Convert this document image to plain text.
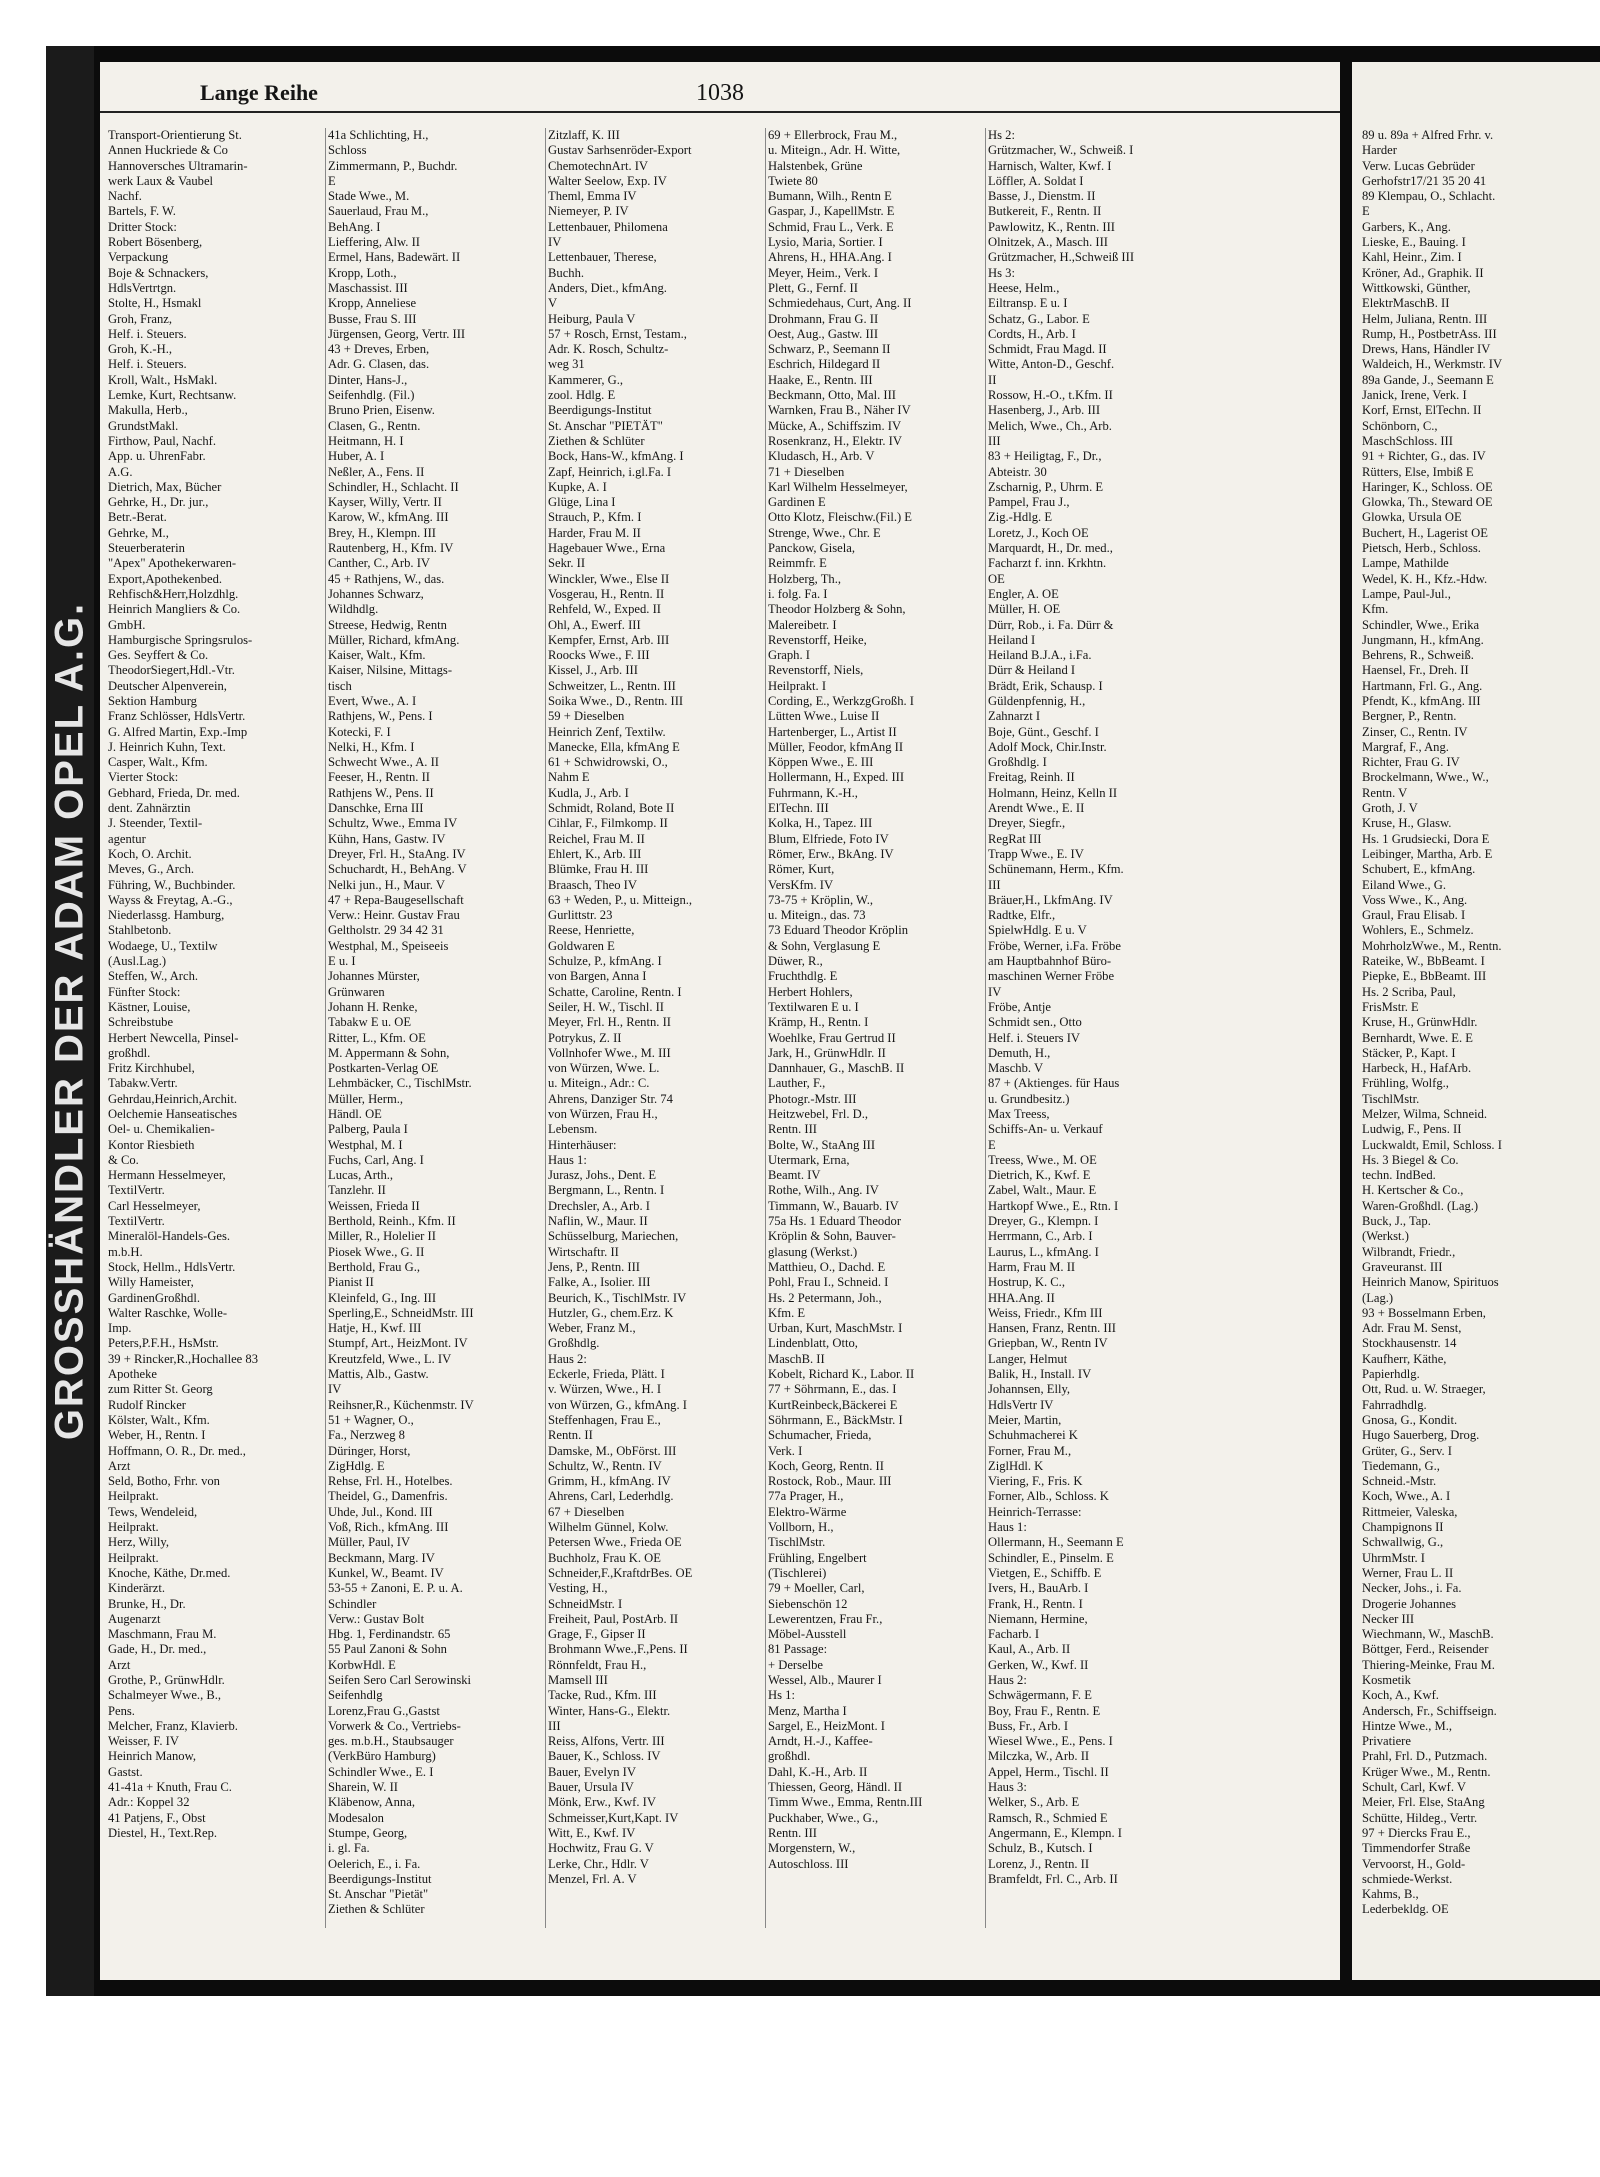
GROSSHÄNDLER DER ADAM OPEL A.G.
Lange Reihe	1038
Transport-Orientierung St.
Annen Huckriede & Co
Hannoversches Ultramarin-
werk Laux & Vaubel
Nachf.
Bartels, F. W.
Dritter Stock:
Robert Bösenberg,
Verpackung
Boje & Schnackers,
HdlsVertrtgn.
Stolte, H., Hsmakl
Groh, Franz,
Helf. i. Steuers.
Groh, K.-H.,
Helf. i. Steuers.
Kroll, Walt., HsMakl.
Lemke, Kurt, Rechtsanw.
Makulla, Herb.,
GrundstMakl.
Firthow, Paul, Nachf.
App. u. UhrenFabr.
A.G.
Dietrich, Max, Bücher
Gehrke, H., Dr. jur.,
Betr.-Berat.
Gehrke, M.,
Steuerberaterin
"Apex" Apothekerwaren-
Export,Apothekenbed.
Rehfisch&Herr,Holzdhlg.
Heinrich Mangliers & Co.
GmbH.
Hamburgische Springsrulos-
Ges. Seyffert & Co.
TheodorSiegert,Hdl.-Vtr.
Deutscher Alpenverein,
Sektion Hamburg
Franz Schlösser, HdlsVertr.
G. Alfred Martin, Exp.-Imp
J. Heinrich Kuhn, Text.
Casper, Walt., Kfm.
Vierter Stock:
Gebhard, Frieda, Dr. med.
dent. Zahnärztin
J. Steender, Textil-
agentur
Koch, O. Archit.
Meves, G., Arch.
Führing, W., Buchbinder.
Wayss & Freytag, A.-G.,
Niederlassg. Hamburg,
Stahlbetonb.
Wodaege, U., Textilw
(Ausl.Lag.)
Steffen, W., Arch.
Fünfter Stock:
Kästner, Louise,
Schreibstube
Herbert Newcella, Pinsel-
großhdl.
Fritz Kirchhubel,
Tabakw.Vertr.
Gehrdau,Heinrich,Archit.
Oelchemie Hanseatisches
Oel- u. Chemikalien-
Kontor Riesbieth
& Co.
Hermann Hesselmeyer,
TextilVertr.
Carl Hesselmeyer,
TextilVertr.
Mineralöl-Handels-Ges.
m.b.H.
Stock, Hellm., HdlsVertr.
Willy Hameister,
GardinenGroßhdl.
Walter Raschke, Wolle-
Imp.
Peters,P.F.H., HsMstr.
39 + Rincker,R.,Hochallee 83
Apotheke
zum Ritter St. Georg
Rudolf Rincker
Kölster, Walt., Kfm.
Weber, H., Rentn. I
Hoffmann, O. R., Dr. med.,
Arzt
Seld, Botho, Frhr. von
Heilprakt.
Tews, Wendeleid,
Heilprakt.
Herz, Willy,
Heilprakt.
Knoche, Käthe, Dr.med.
Kinderärzt.
Brunke, H., Dr.
Augenarzt
Maschmann, Frau M.
Gade, H., Dr. med.,
Arzt
Grothe, P., GrünwHdlr.
Schalmeyer Wwe., B.,
Pens.
Melcher, Franz, Klavierb.
Weisser, F. IV
Heinrich Manow,
Gastst.
41-41a + Knuth, Frau C.
Adr.: Koppel 32
41 Patjens, F., Obst
Diestel, H., Text.Rep.
41a Schlichting, H.,
Schloss
Zimmermann, P., Buchdr.
E
Stade Wwe., M.
Sauerlaud, Frau M.,
BehAng. I
Lieffering, Alw. II
Ermel, Hans, Badewärt. II
Kropp, Loth.,
Maschassist. III
Kropp, Anneliese
Busse, Frau S. III
Jürgensen, Georg, Vertr. III
43 + Dreves, Erben,
Adr. G. Clasen, das.
Dinter, Hans-J.,
Seifenhdlg. (Fil.)
Bruno Prien, Eisenw.
Clasen, G., Rentn.
Heitmann, H. I
Huber, A. I
Neßler, A., Fens. II
Schindler, H., Schlacht. II
Kayser, Willy, Vertr. II
Karow, W., kfmAng. III
Brey, H., Klempn. III
Rautenberg, H., Kfm. IV
Canther, C., Arb. IV
45 + Rathjens, W., das.
Johannes Schwarz,
Wildhdlg.
Streese, Hedwig, Rentn
Müller, Richard, kfmAng.
Kaiser, Walt., Kfm.
Kaiser, Nilsine, Mittags-
tisch
Evert, Wwe., A. I
Rathjens, W., Pens. I
Kotecki, F. I
Nelki, H., Kfm. I
Schwecht Wwe., A. II
Feeser, H., Rentn. II
Rathjens W., Pens. II
Danschke, Erna III
Schultz, Wwe., Emma IV
Kühn, Hans, Gastw. IV
Dreyer, Frl. H., StaAng. IV
Schuchardt, H., BehAng. V
Nelki jun., H., Maur. V
47 + Repa-Baugesellschaft
Verw.: Heinr. Gustav Frau
Geltholstr. 29 34 42 31
Westphal, M., Speiseeis
E u. I
Johannes Mürster,
Grünwaren
Johann H. Renke,
Tabakw E u. OE
Ritter, L., Kfm. OE
M. Appermann & Sohn,
Postkarten-Verlag OE
Lehmbäcker, C., TischlMstr.
Müller, Herm.,
Händl. OE
Palberg, Paula I
Westphal, M. I
Fuchs, Carl, Ang. I
Lucas, Arth.,
Tanzlehr. II
Weissen, Frieda II
Berthold, Reinh., Kfm. II
Miller, R., Holelier II
Piosek Wwe., G. II
Berthold, Frau G.,
Pianist II
Kleinfeld, G., Ing. III
Sperling,E., SchneidMstr. III
Hatje, H., Kwf. III
Stumpf, Art., HeizMont. IV
Kreutzfeld, Wwe., L. IV
Mattis, Alb., Gastw.
IV
Reihsner,R., Küchenmstr. IV
51 + Wagner, O.,
Fa., Nerzweg 8
Düringer, Horst,
ZigHdlg. E
Rehse, Frl. H., Hotelbes.
Theidel, G., Damenfris.
Uhde, Jul., Kond. III
Voß, Rich., kfmAng. III
Müller, Paul, IV
Beckmann, Marg. IV
Kunkel, W., Beamt. IV
53-55 + Zanoni, E. P. u. A.
Schindler
Verw.: Gustav Bolt
Hbg. 1, Ferdinandstr. 65
55 Paul Zanoni & Sohn
KorbwHdl. E
Seifen Sero Carl Serowinski
Seifenhdlg
Lorenz,Frau G.,Gastst
Vorwerk & Co., Vertriebs-
ges. m.b.H., Staubsauger
(VerkBüro Hamburg)
Schindler Wwe., E. I
Sharein, W. II
Kläbenow, Anna,
Modesalon
Stumpe, Georg,
i. gl. Fa.
Oelerich, E., i. Fa.
Beerdigungs-Institut
St. Anschar "Pietät"
Ziethen & Schlüter
Zitzlaff, K. III
Gustav Sarhsenröder-Export
ChemotechnArt. IV
Walter Seelow, Exp. IV
Theml, Emma IV
Niemeyer, P. IV
Lettenbauer, Philomena
IV
Lettenbauer, Therese,
Buchh.
Anders, Diet., kfmAng.
V
Heiburg, Paula V
57 + Rosch, Ernst, Testam.,
Adr. K. Rosch, Schultz-
weg 31
Kammerer, G.,
zool. Hdlg. E
Beerdigungs-Institut
St. Anschar "PIETÄT"
Ziethen & Schlüter
Bock, Hans-W., kfmAng. I
Zapf, Heinrich, i.gl.Fa. I
Kupke, A. I
Glüge, Lina I
Strauch, P., Kfm. I
Harder, Frau M. II
Hagebauer Wwe., Erna
Sekr. II
Winckler, Wwe., Else II
Vosgerau, H., Rentn. II
Rehfeld, W., Exped. II
Ohl, A., Ewerf. III
Kempfer, Ernst, Arb. III
Roocks Wwe., F. III
Kissel, J., Arb. III
Schweitzer, L., Rentn. III
Soika Wwe., D., Rentn. III
59 + Dieselben
Heinrich Zenf, Textilw.
Manecke, Ella, kfmAng E
61 + Schwidrowski, O.,
Nahm E
Kudla, J., Arb. I
Schmidt, Roland, Bote II
Cihlar, F., Filmkomp. II
Reichel, Frau M. II
Ehlert, K., Arb. III
Blümke, Frau H. III
Braasch, Theo IV
63 + Weden, P., u. Mitteign.,
Gurlittstr. 23
Reese, Henriette,
Goldwaren E
Schulze, P., kfmAng. I
von Bargen, Anna I
Schatte, Caroline, Rentn. I
Seiler, H. W., Tischl. II
Meyer, Frl. H., Rentn. II
Potrykus, Z. II
Vollnhofer Wwe., M. III
von Würzen, Wwe. L.
u. Miteign., Adr.: C.
Ahrens, Danziger Str. 74
von Würzen, Frau H.,
Lebensm.
Hinterhäuser:
Haus 1:
Jurasz, Johs., Dent. E
Bergmann, L., Rentn. I
Drechsler, A., Arb. I
Naflin, W., Maur. II
Schüsselburg, Mariechen,
Wirtschaftr. II
Jens, P., Rentn. III
Falke, A., Isolier. III
Beurich, K., TischlMstr. IV
Hutzler, G., chem.Erz. K
Weber, Franz M.,
Großhdlg.
Haus 2:
Eckerle, Frieda, Plätt. I
v. Würzen, Wwe., H. I
von Würzen, G., kfmAng. I
Steffenhagen, Frau E.,
Rentn. II
Damske, M., ObFörst. III
Schultz, W., Rentn. IV
Grimm, H., kfmAng. IV
Ahrens, Carl, Lederhdlg.
67 + Dieselben
Wilhelm Günnel, Kolw.
Petersen Wwe., Frieda OE
Buchholz, Frau K. OE
Schneider,F.,KraftdrBes. OE
Vesting, H.,
SchneidMstr. I
Freiheit, Paul, PostArb. II
Grage, F., Gipser II
Brohmann Wwe.,F.,Pens. II
Rönnfeldt, Frau H.,
Mamsell III
Tacke, Rud., Kfm. III
Winter, Hans-G., Elektr.
III
Reiss, Alfons, Vertr. III
Bauer, K., Schloss. IV
Bauer, Evelyn IV
Bauer, Ursula IV
Mönk, Erw., Kwf. IV
Schmeisser,Kurt,Kapt. IV
Witt, E., Kwf. IV
Hochwitz, Frau G. V
Lerke, Chr., Hdlr. V
Menzel, Frl. A. V
69 + Ellerbrock, Frau M.,
u. Miteign., Adr. H. Witte,
Halstenbek, Grüne
Twiete 80
Bumann, Wilh., Rentn E
Gaspar, J., KapellMstr. E
Schmid, Frau L., Verk. E
Lysio, Maria, Sortier. I
Ahrens, H., HHA.Ang. I
Meyer, Heim., Verk. I
Plett, G., Fernf. II
Schmiedehaus, Curt, Ang. II
Drohmann, Frau G. II
Oest, Aug., Gastw. III
Schwarz, P., Seemann II
Eschrich, Hildegard II
Haake, E., Rentn. III
Beckmann, Otto, Mal. III
Warnken, Frau B., Näher IV
Mücke, A., Schiffszim. IV
Rosenkranz, H., Elektr. IV
Kludasch, H., Arb. V
71 + Dieselben
Karl Wilhelm Hesselmeyer,
Gardinen E
Otto Klotz, Fleischw.(Fil.) E
Strenge, Wwe., Chr. E
Panckow, Gisela,
Reimmfr. E
Holzberg, Th.,
i. folg. Fa. I
Theodor Holzberg & Sohn,
Malereibetr. I
Revenstorff, Heike,
Graph. I
Revenstorff, Niels,
Heilprakt. I
Cording, E., WerkzgGroßh. I
Lütten Wwe., Luise II
Hartenberger, L., Artist II
Müller, Feodor, kfmAng II
Köppen Wwe., E. III
Hollermann, H., Exped. III
Fuhrmann, K.-H.,
ElTechn. III
Kolka, H., Tapez. III
Blum, Elfriede, Foto IV
Römer, Erw., BkAng. IV
Römer, Kurt,
VersKfm. IV
73-75 + Kröplin, W.,
u. Miteign., das. 73
73 Eduard Theodor Kröplin
& Sohn, Verglasung E
Düwer, R.,
Fruchthdlg. E
Herbert Hohlers,
Textilwaren E u. I
Krämp, H., Rentn. I
Woehlke, Frau Gertrud II
Jark, H., GrünwHdlr. II
Dannhauer, G., MaschB. II
Lauther, F.,
Photogr.-Mstr. III
Heitzwebel, Frl. D.,
Rentn. III
Bolte, W., StaAng III
Utermark, Erna,
Beamt. IV
Rothe, Wilh., Ang. IV
Timmann, W., Bauarb. IV
75a Hs. 1 Eduard Theodor
Kröplin & Sohn, Bauver-
glasung (Werkst.)
Matthieu, O., Dachd. E
Pohl, Frau I., Schneid. I
Hs. 2 Petermann, Joh.,
Kfm. E
Urban, Kurt, MaschMstr. I
Lindenblatt, Otto,
MaschB. II
Kobelt, Richard K., Labor. II
77 + Söhrmann, E., das. I
KurtReinbeck,Bäckerei E
Söhrmann, E., BäckMstr. I
Schumacher, Frieda,
Verk. I
Koch, Georg, Rentn. II
Rostock, Rob., Maur. III
77a Prager, H.,
Elektro-Wärme
Vollborn, H.,
TischlMstr.
Frühling, Engelbert
(Tischlerei)
79 + Moeller, Carl,
Siebenschön 12
Lewerentzen, Frau Fr.,
Möbel-Ausstell
81 Passage:
+ Derselbe
Wessel, Alb., Maurer I
Hs 1:
Menz, Martha I
Sargel, E., HeizMont. I
Arndt, H.-J., Kaffee-
großhdl.
Dahl, K.-H., Arb. II
Thiessen, Georg, Händl. II
Timm Wwe., Emma, Rentn.III
Puckhaber, Wwe., G.,
Rentn. III
Morgenstern, W.,
Autoschloss. III
Hs 2:
Grützmacher, W., Schweiß. I
Harnisch, Walter, Kwf. I
Löffler, A. Soldat I
Basse, J., Dienstm. II
Butkereit, F., Rentn. II
Pawlowitz, K., Rentn. III
Olnitzek, A., Masch. III
Grützmacher, H.,Schweiß III
Hs 3:
Heese, Helm.,
Eiltransp. E u. I
Schatz, G., Labor. E
Cordts, H., Arb. I
Schmidt, Frau Magd. II
Witte, Anton-D., Geschf.
II
Rossow, H.-O., t.Kfm. II
Hasenberg, J., Arb. III
Melich, Wwe., Ch., Arb.
III
83 + Heiligtag, F., Dr.,
Abteistr. 30
Zscharnig, P., Uhrm. E
Pampel, Frau J.,
Zig.-Hdlg. E
Loretz, J., Koch OE
Marquardt, H., Dr. med.,
Facharzt f. inn. Krkhtn.
OE
Engler, A. OE
Müller, H. OE
Dürr, Rob., i. Fa. Dürr &
Heiland I
Heiland B.J.A., i.Fa.
Dürr & Heiland I
Brädt, Erik, Schausp. I
Güldenpfennig, H.,
Zahnarzt I
Boje, Günt., Geschf. I
Adolf Mock, Chir.Instr.
Großhdlg. I
Freitag, Reinh. II
Holmann, Heinz, Kelln II
Arendt Wwe., E. II
Dreyer, Siegfr.,
RegRat III
Trapp Wwe., E. IV
Schünemann, Herm., Kfm.
III
Bräuer,H., LkfmAng. IV
Radtke, Elfr.,
SpielwHdlg. E u. V
Fröbe, Werner, i.Fa. Fröbe
am Hauptbahnhof Büro-
maschinen Werner Fröbe
IV
Fröbe, Antje
Schmidt sen., Otto
Helf. i. Steuers IV
Demuth, H.,
Maschb. V
87 + (Aktienges. für Haus
u. Grundbesitz.)
Max Treess,
Schiffs-An- u. Verkauf
E
Treess, Wwe., M. OE
Dietrich, K., Kwf. E
Zabel, Walt., Maur. E
Hartkopf Wwe., E., Rtn. I
Dreyer, G., Klempn. I
Herrmann, C., Arb. I
Laurus, L., kfmAng. I
Harm, Frau M. II
Hostrup, K. C.,
HHA.Ang. II
Weiss, Friedr., Kfm III
Hansen, Franz, Rentn. III
Griepban, W., Rentn IV
Langer, Helmut
Balik, H., Install. IV
Johannsen, Elly,
HdlsVertr IV
Meier, Martin,
Schuhmacherei K
Forner, Frau M.,
ZiglHdl. K
Viering, F., Fris. K
Forner, Alb., Schloss. K
Heinrich-Terrasse:
Haus 1:
Ollermann, H., Seemann E
Schindler, E., Pinselm. E
Vietgen, E., Schiffb. E
Ivers, H., BauArb. I
Frank, H., Rentn. I
Niemann, Hermine,
Facharb. I
Kaul, A., Arb. II
Gerken, W., Kwf. II
Haus 2:
Schwägermann, F. E
Boy, Frau F., Rentn. E
Buss, Fr., Arb. I
Wiesel Wwe., E., Pens. I
Milczka, W., Arb. II
Appel, Herm., Tischl. II
Haus 3:
Welker, S., Arb. E
Ramsch, R., Schmied E
Angermann, E., Klempn. I
Schulz, B., Kutsch. I
Lorenz, J., Rentn. II
Bramfeldt, Frl. C., Arb. II
89 u. 89a + Alfred Frhr. v.
Harder
Verw. Lucas Gebrüder
Gerhofstr17/21 35 20 41
89 Klempau, O., Schlacht.
E
Garbers, K., Ang.
Lieske, E., Bauing. I
Kahl, Heinr., Zim. I
Kröner, Ad., Graphik. II
Wittkowski, Günther,
ElektrMaschB. II
Helm, Juliana, Rentn. III
Rump, H., PostbetrAss. III
Drews, Hans, Händler IV
Waldeich, H., Werkmstr. IV
89a Gande, J., Seemann E
Janick, Irene, Verk. I
Korf, Ernst, ElTechn. II
Schönborn, C.,
MaschSchloss. III
91 + Richter, G., das. IV
Rütters, Else, Imbiß E
Haringer, K., Schloss. OE
Glowka, Th., Steward OE
Glowka, Ursula OE
Buchert, H., Lagerist OE
Pietsch, Herb., Schloss.
Lampe, Mathilde
Wedel, K. H., Kfz.-Hdw.
Lampe, Paul-Jul.,
Kfm.
Schindler, Wwe., Erika
Jungmann, H., kfmAng.
Behrens, R., Schweiß.
Haensel, Fr., Dreh. II
Hartmann, Frl. G., Ang.
Pfendt, K., kfmAng. III
Bergner, P., Rentn.
Zinser, C., Rentn. IV
Margraf, F., Ang.
Richter, Frau G. IV
Brockelmann, Wwe., W.,
Rentn. V
Groth, J. V
Kruse, H., Glasw.
Hs. 1 Grudsiecki, Dora E
Leibinger, Martha, Arb. E
Schubert, E., kfmAng.
Eiland Wwe., G.
Voss Wwe., K., Ang.
Graul, Frau Elisab. I
Wohlers, E., Schmelz.
MohrholzWwe., M., Rentn.
Rateike, W., BbBeamt. I
Piepke, E., BbBeamt. III
Hs. 2 Scriba, Paul,
FrisMstr. E
Kruse, H., GrünwHdlr.
Bernhardt, Wwe. E. E
Stäcker, P., Kapt. I
Harbeck, H., HafArb.
Frühling, Wolfg.,
TischlMstr.
Melzer, Wilma, Schneid.
Ludwig, F., Pens. II
Luckwaldt, Emil, Schloss. I
Hs. 3 Biegel & Co.
techn. IndBed.
H. Kertscher & Co.,
Waren-Großhdl. (Lag.)
Buck, J., Tap.
(Werkst.)
Wilbrandt, Friedr.,
Graveuranst. III
Heinrich Manow, Spirituos
(Lag.)
93 + Bosselmann Erben,
Adr. Frau M. Senst,
Stockhausenstr. 14
Kaufherr, Käthe,
Papierhdlg.
Ott, Rud. u. W. Straeger,
Fahrradhdlg.
Gnosa, G., Kondit.
Hugo Sauerberg, Drog.
Grüter, G., Serv. I
Tiedemann, G.,
Schneid.-Mstr.
Koch, Wwe., A. I
Rittmeier, Valeska,
Champignons II
Schwallwig, G.,
UhrmMstr. I
Werner, Frau L. II
Necker, Johs., i. Fa.
Drogerie Johannes
Necker III
Wiechmann, W., MaschB.
Böttger, Ferd., Reisender
Thiering-Meinke, Frau M.
Kosmetik
Koch, A., Kwf.
Andersch, Fr., Schiffseign.
Hintze Wwe., M.,
Privatiere
Prahl, Frl. D., Putzmach.
Krüger Wwe., M., Rentn.
Schult, Carl, Kwf. V
Meier, Frl. Else, StaAng
Schütte, Hildeg., Vertr.
97 + Diercks Frau E.,
Timmendorfer Straße
Vervoorst, H., Gold-
schmiede-Werkst.
Kahms, B.,
Lederbekldg. OE
